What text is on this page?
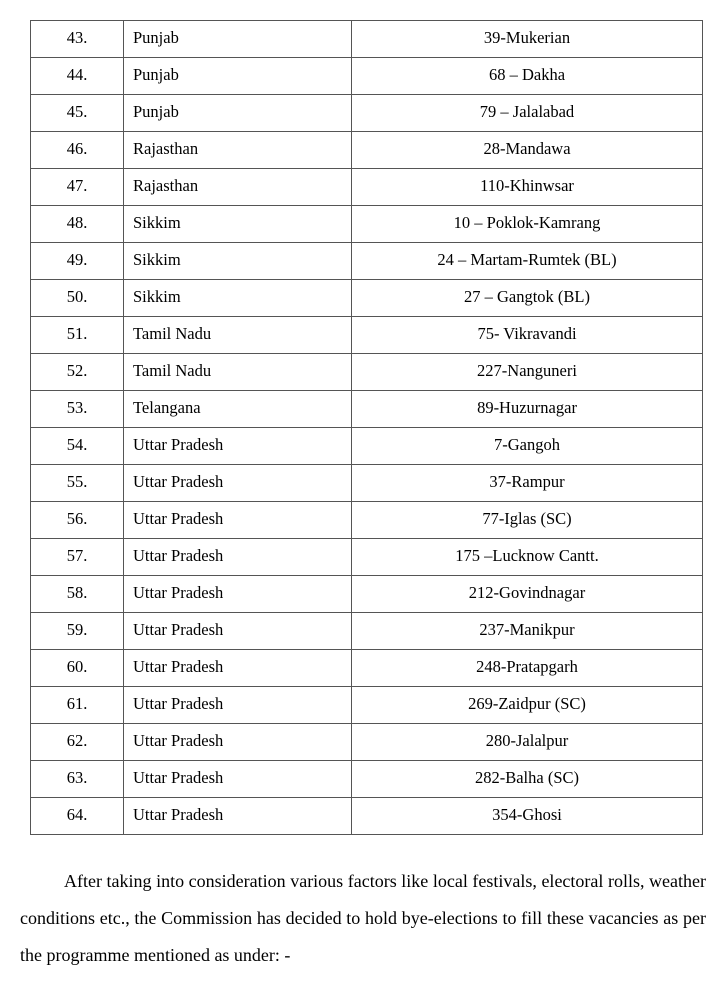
43.	Punjab	39-Mukerian
44.	Punjab	68 – Dakha
45.	Punjab	79 – Jalalabad
46.	Rajasthan	28-Mandawa
47.	Rajasthan	110-Khinwsar
48.	Sikkim	10 – Poklok-Kamrang
49.	Sikkim	24 – Martam-Rumtek (BL)
50.	Sikkim	27 – Gangtok (BL)
51.	Tamil Nadu	75- Vikravandi
52.	Tamil Nadu	227-Nanguneri
53.	Telangana	89-Huzurnagar
54.	Uttar Pradesh	7-Gangoh
55.	Uttar Pradesh	37-Rampur
56.	Uttar Pradesh	77-Iglas (SC)
57.	Uttar Pradesh	175 –Lucknow Cantt.
58.	Uttar Pradesh	212-Govindnagar
59.	Uttar Pradesh	237-Manikpur
60.	Uttar Pradesh	248-Pratapgarh
61.	Uttar Pradesh	269-Zaidpur (SC)
62.	Uttar Pradesh	280-Jalalpur
63.	Uttar Pradesh	282-Balha (SC)
64.	Uttar Pradesh	354-Ghosi

After taking into consideration various factors like local festivals, electoral rolls, weather conditions etc., the Commission has decided to hold bye-elections to fill these vacancies as per the programme mentioned as under: -
